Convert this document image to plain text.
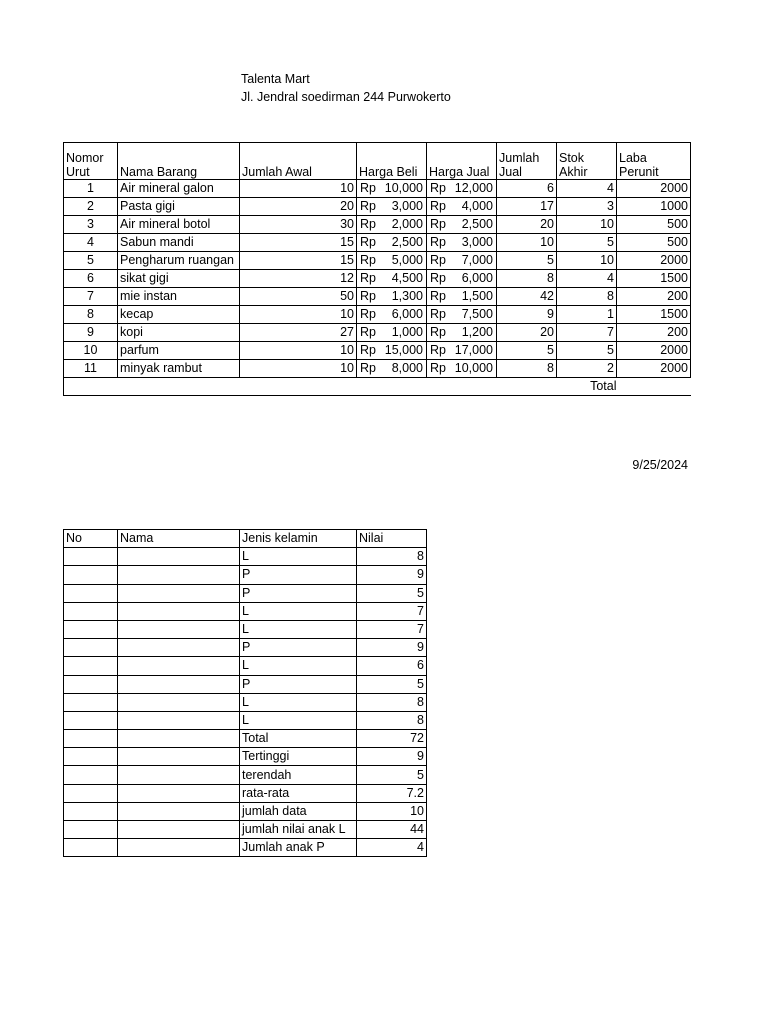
Talenta Mart
Jl. Jendral soedirman 244 Purwokerto
Nomor Urut	Nama Barang	Jumlah Awal	Harga Beli	Harga Jual	Jumlah Jual	Stok Akhir	Laba Perunit
1	Air mineral galon	10	Rp 10,000	Rp 12,000	6	4	2000
2	Pasta gigi	20	Rp 3,000	Rp 4,000	17	3	1000
3	Air mineral botol	30	Rp 2,000	Rp 2,500	20	10	500
4	Sabun mandi	15	Rp 2,500	Rp 3,000	10	5	500
5	Pengharum ruangan	15	Rp 5,000	Rp 7,000	5	10	2000
6	sikat gigi	12	Rp 4,500	Rp 6,000	8	4	1500
7	mie instan	50	Rp 1,300	Rp 1,500	42	8	200
8	kecap	10	Rp 6,000	Rp 7,500	9	1	1500
9	kopi	27	Rp 1,000	Rp 1,200	20	7	200
10	parfum	10	Rp 15,000	Rp 17,000	5	5	2000
11	minyak rambut	10	Rp 8,000	Rp 10,000	8	2	2000
	Total						
9/25/2024
No	Nama	Jenis kelamin	Nilai
		L	8
		P	9
		P	5
		L	7
		L	7
		P	9
		L	6
		P	5
		L	8
		L	8
		Total	72
		Tertinggi	9
		terendah	5
		rata-rata	7.2
		jumlah data	10
		jumlah nilai anak L	44
		Jumlah anak P	4
